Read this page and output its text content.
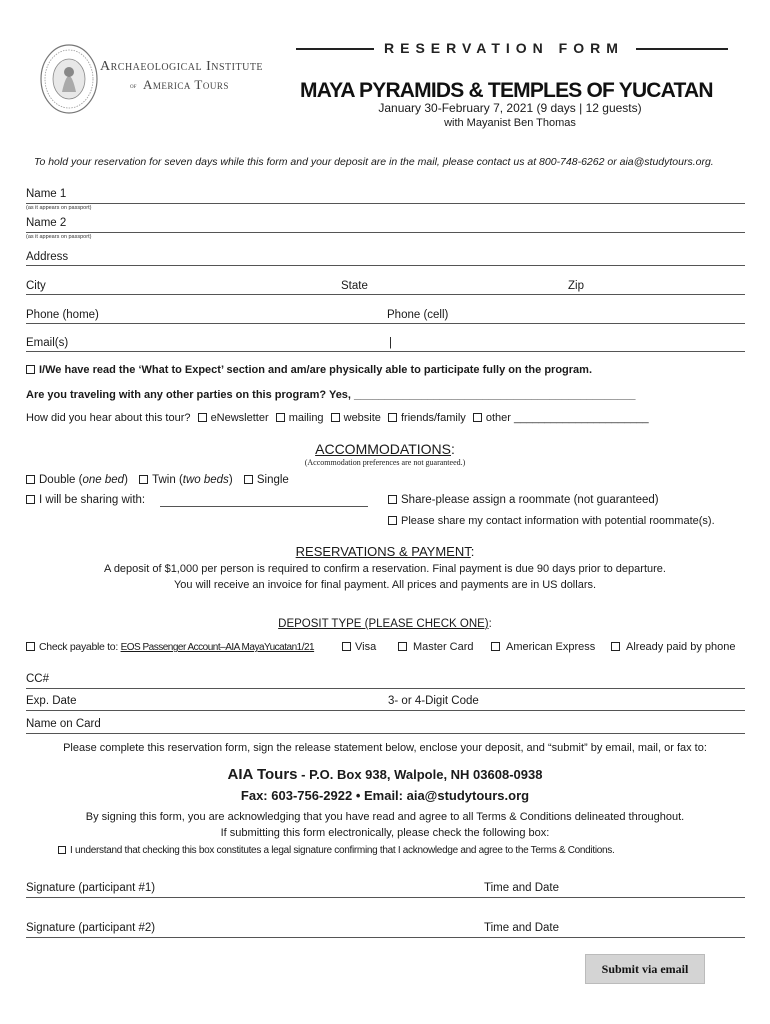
Archaeological Institute
of America Tours
RESERVATION FORM
MAYA PYRAMIDS & TEMPLES OF YUCATAN
January 30-February 7, 2021 (9 days | 12 guests)
with Mayanist Ben Thomas
To hold your reservation for seven days while this form and your deposit are in the mail, please contact us at 800-748-6262 or aia@studytours.org.
Name 1
(as it appears on passport)
Name 2
(as it appears on passport)
Address
City	State	Zip
Phone (home)	Phone (cell)
Email(s)	|
I/We have read the ‘What to Expect’ section and am/are physically able to participate fully on the program.
Are you traveling with any other parties on this program? Yes, ______________________________________________
How did you hear about this tour? eNewsletter mailing website friends/family other ______________________
ACCOMMODATIONS:
(Accommodation preferences are not guaranteed.)
Double (one bed) Twin (two beds) Single
I will be sharing with:	Share-please assign a roommate (not guaranteed)
Please share my contact information with potential roommate(s).
RESERVATIONS & PAYMENT:
A deposit of $1,000 per person is required to confirm a reservation. Final payment is due 90 days prior to departure.
You will receive an invoice for final payment. All prices and payments are in US dollars.
DEPOSIT TYPE (PLEASE CHECK ONE):
Check payable to: EOS Passenger Account–AIA MayaYucatan1/21	Visa	Master Card	American Express	Already paid by phone
CC#
Exp. Date	3- or 4-Digit Code
Name on Card
Please complete this reservation form, sign the release statement below, enclose your deposit, and “submit” by email, mail, or fax to:
AIA Tours - P.O. Box 938, Walpole, NH 03608-0938
Fax: 603-756-2922 • Email: aia@studytours.org
By signing this form, you are acknowledging that you have read and agree to all Terms & Conditions delineated throughout.
If submitting this form electronically, please check the following box:
I understand that checking this box constitutes a legal signature confirming that I acknowledge and agree to the Terms & Conditions.
Signature (participant #1)	Time and Date
Signature (participant #2)	Time and Date
Submit via email
